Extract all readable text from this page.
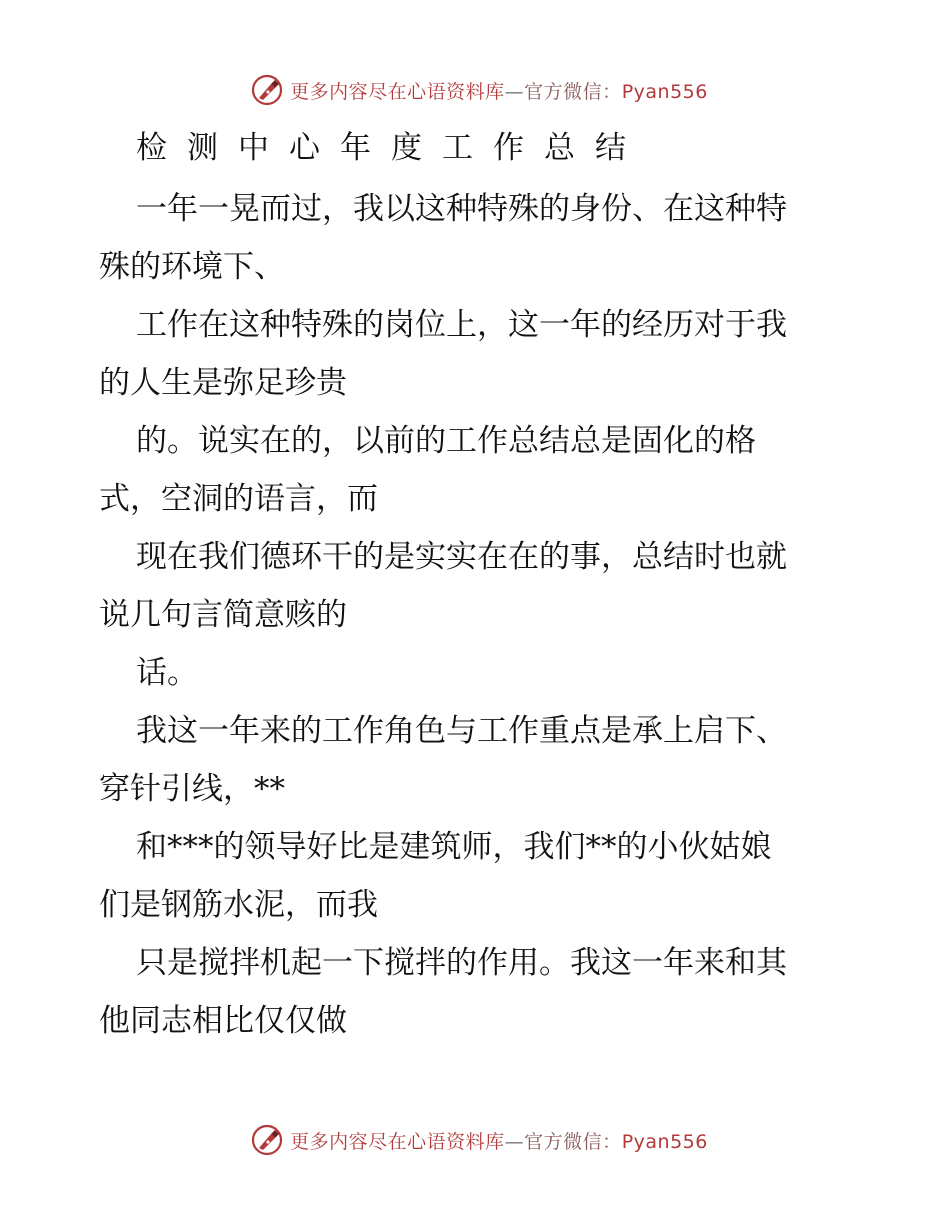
更多内容尽在心语资料库—官方微信：Pyan556
检测中心年度工作总结
一年一晃而过，我以这种特殊的身份、在这种特
殊的环境下、
工作在这种特殊的岗位上，这一年的经历对于我
的人生是弥足珍贵
的。说实在的，以前的工作总结总是固化的格
式，空洞的语言，而
现在我们德环干的是实实在在的事，总结时也就
说几句言简意赅的
话。
我这一年来的工作角色与工作重点是承上启下、
穿针引线，**
和***的领导好比是建筑师，我们**的小伙姑娘
们是钢筋水泥，而我
只是搅拌机起一下搅拌的作用。我这一年来和其
他同志相比仅仅做
更多内容尽在心语资料库—官方微信：Pyan556
